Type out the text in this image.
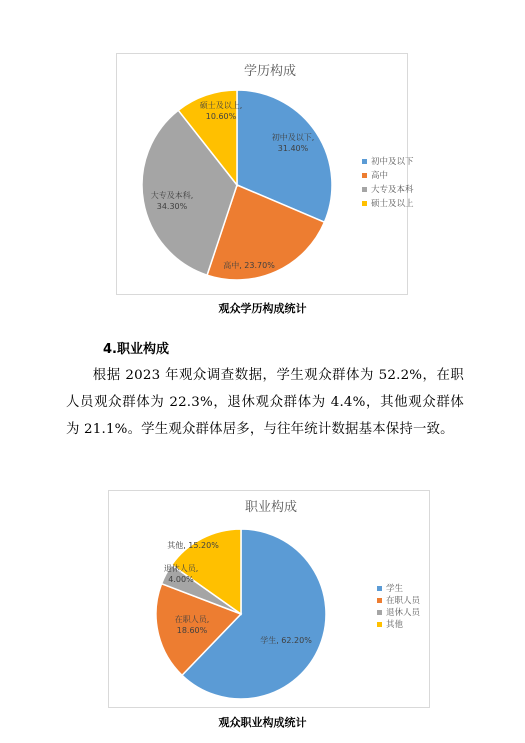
学历构成
初中及以下, 31.40%
高中, 23.70%
大专及本科, 34.30%
硕士及以上, 10.60%
初中及以下
高中
大专及本科
硕士及以上
观众学历构成统计
4.职业构成
根据 2023 年观众调查数据，学生观众群体为 52.2%，在职人员观众群体为 22.3%，退休观众群体为 4.4%，其他观众群体为 21.1%。学生观众群体居多，与往年统计数据基本保持一致。
职业构成
学生, 62.20%
在职人员, 18.60%
退休人员, 4.00%
其他, 15.20%
学生
在职人员
退休人员
其他
观众职业构成统计
